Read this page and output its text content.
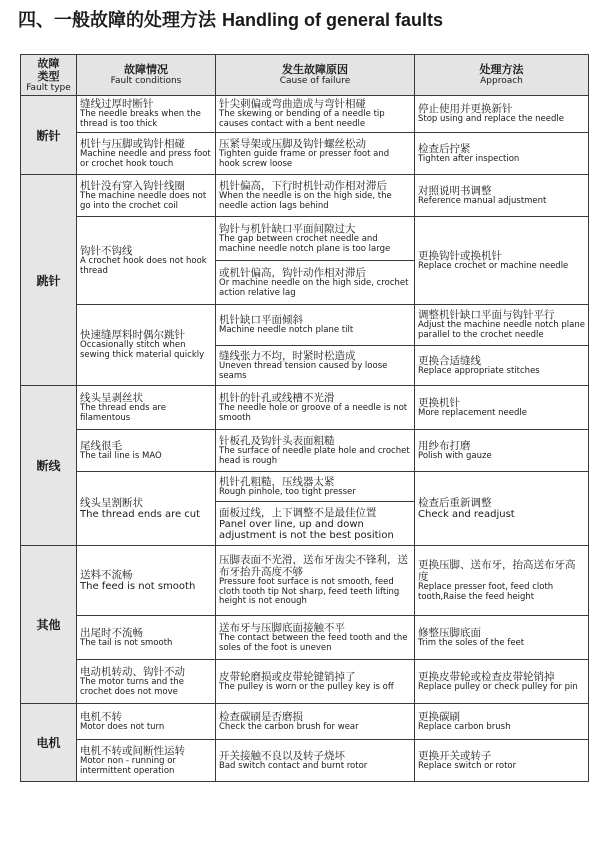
四、一般故障的处理方法 Handling of general faults
故障
类型
Fault type	故障情况
Fault conditions	发生故障原因
Cause of failure	处理方法
Approach

断针	缝线过厚时断针
The needle breaks when the thread is too thick	针尖刺偏或弯曲造成与弯针相碰
The skewing or bending of a needle tip causes contact with a bent needle	停止使用并更换新针
Stop using and replace the needle

	机针与压脚或钩针相碰
Machine needle and press foot or crochet hook touch	压紧导架或压脚及钩针螺丝松动
Tighten guide frame or presser foot and hook screw loose	检查后拧紧
Tighten after inspection

跳针	机针没有穿入钩针线圈
The machine needle does not go into the crochet coil	机针偏高，下行时机针动作相对滞后
When the needle is on the high side, the needle action lags behind	对照说明书调整
Reference manual adjustment

	钩针不钩线
A crochet hook does not hook thread	钩针与机针缺口平面间隙过大
The gap between crochet needle and machine needle notch plane is too large	更换钩针或换机针
Replace crochet or machine needle

		或机针偏高，钩针动作相对滞后
Or machine needle on the high side, crochet action relative lag	

	快速缝厚料时偶尔跳针
Occasionally stitch when sewing thick material quickly	机针缺口平面倾斜
Machine needle notch plane tilt	调整机针缺口平面与钩针平行
Adjust the machine needle notch plane parallel to the crochet needle

		缝线张力不均，时紧时松造成
Uneven thread tension caused by loose seams	更换合适缝线
Replace appropriate stitches

断线	线头呈剥丝状
The thread ends are filamentous	机针的针孔或线槽不光滑
The needle hole or groove of a needle is not smooth	更换机针
More replacement needle

	尾线很毛
The tail line is MAO	针板孔及钩针头表面粗糙
The surface of needle plate hole and crochet head is rough	用纱布打磨
Polish with gauze

	线头呈割断状
The thread ends are cut	机针孔粗糙，压线器太紧
Rough pinhole, too tight presser	检查后重新调整
Check and readjust

		面板过线，上下调整不是最佳位置
Panel over line, up and down adjustment is not the best position	

其他	送料不流畅
The feed is not smooth	压脚表面不光滑，送布牙齿尖不锋利，送布牙抬升高度不够
Pressure foot surface is not smooth, feed cloth tooth tip Not sharp, feed teeth lifting height is not enough	更换压脚、送布牙，抬高送布牙高度
Replace presser foot, feed cloth tooth,Raise the feed height

	出尾时不流畅
The tail is not smooth	送布牙与压脚底面接触不平
The contact between the feed tooth and the soles of the foot is uneven	修整压脚底面
Trim the soles of the feet

	电动机转动、钩针不动
The motor turns and the crochet does not move	皮带轮磨损或皮带轮键销掉了
The pulley is worn or the pulley key is off	更换皮带轮或检查皮带轮销掉
Replace pulley or check pulley for pin

电机	电机不转
Motor does not turn	检查碳刷是否磨损
Check the carbon brush for wear	更换碳刷
Replace carbon brush

	电机不转或间断性运转
Motor non - running or intermittent operation	开关接触不良以及转子烧坏
Bad switch contact and burnt rotor	更换开关或转子
Replace switch or rotor
